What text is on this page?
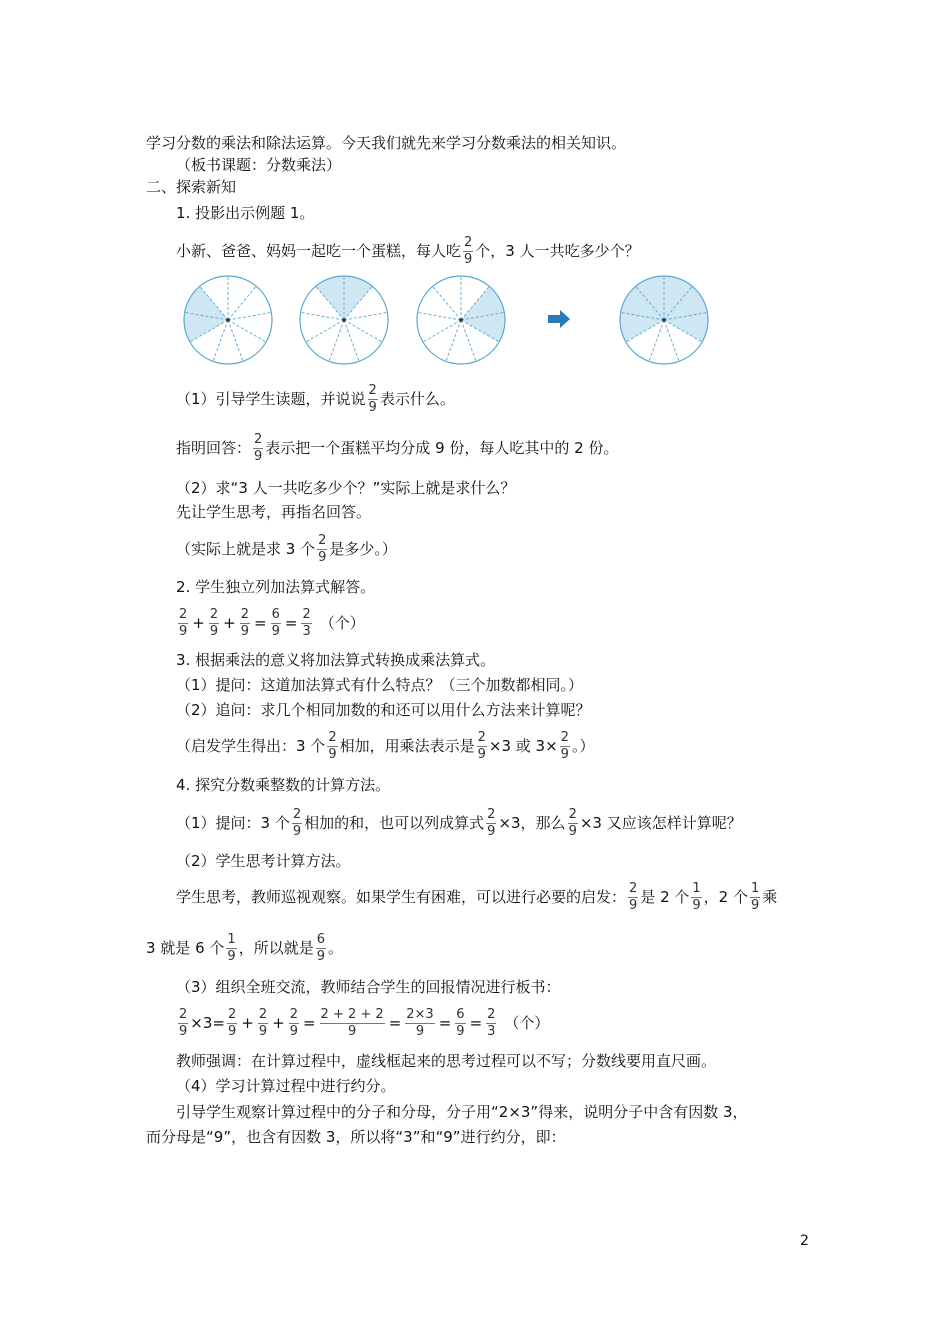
学习分数的乘法和除法运算。今天我们就先来学习分数乘法的相关知识。
（板书课题：分数乘法）
二、探索新知
1. 投影出示例题 1。
小新、爸爸、妈妈一起吃一个蛋糕，每人吃 $\frac{2}{9}$ 个，3 人一共吃多少个？
（1）引导学生读题，并说说 $\frac{2}{9}$ 表示什么。
指明回答： $\frac{2}{9}$ 表示把一个蛋糕平均分成 9 份，每人吃其中的 2 份。
（2）求“3 人一共吃多少个？”实际上就是求什么？
先让学生思考，再指名回答。
（实际上就是求 3 个 $\frac{2}{9}$ 是多少。）
2. 学生独立列加法算式解答。
$\frac{2}{9} + \frac{2}{9} + \frac{2}{9} = \frac{6}{9} = \frac{2}{3}$ （个）
3. 根据乘法的意义将加法算式转换成乘法算式。
（1）提问：这道加法算式有什么特点？（三个加数都相同。）
（2）追问：求几个相同加数的和还可以用什么方法来计算呢？
（启发学生得出：3 个 $\frac{2}{9}$ 相加，用乘法表示是 $\frac{2}{9} \times 3$ 或 $3\times \frac{2}{9}$ 。）
4. 探究分数乘整数的计算方法。
（1）提问：3 个 $\frac{2}{9}$ 相加的和，也可以列成算式 $\frac{2}{9} \times 3$，那么 $\frac{2}{9} \times 3$ 又应该怎样计算呢？
（2）学生思考计算方法。
学生思考，教师巡视观察。如果学生有困难，可以进行必要的启发： $\frac{2}{9}$ 是 2 个 $\frac{1}{9}$ ，2 个 $\frac{1}{9}$ 乘
3 就是 6 个 $\frac{1}{9}$ ，所以就是 $\frac{6}{9}$ 。
（3）组织全班交流，教师结合学生的回报情况进行板书：
$\frac{2}{9} \times 3= \frac{2}{9} + \frac{2}{9} + \frac{2}{9} = \frac{2 + 2 + 2}{9} = \frac{2\times 3}{9} = \frac{6}{9} = \frac{2}{3}$ （个）
教师强调：在计算过程中，虚线框起来的思考过程可以不写；分数线要用直尺画。
（4）学习计算过程中进行约分。
引导学生观察计算过程中的分子和分母，分子用“2×3”得来，说明分子中含有因数 3，
而分母是“9”，也含有因数 3，所以将“3”和“9”进行约分，即：
2
